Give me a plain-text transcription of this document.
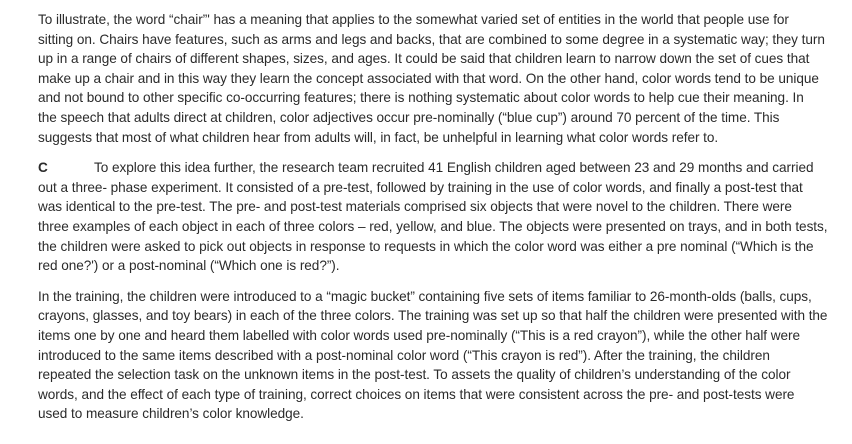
To illustrate, the word “chair”' has a meaning that applies to the somewhat varied set of entities in the world that people use for
sitting on. Chairs have features, such as arms and legs and backs, that are combined to some degree in a systematic way; they turn
up in a range of chairs of different shapes, sizes, and ages. It could be said that children learn to narrow down the set of cues that
make up a chair and in this way they learn the concept associated with that word. On the other hand, color words tend to be unique
and not bound to other specific co-occurring features; there is nothing systematic about color words to help cue their meaning. In
the speech that adults direct at children, color adjectives occur pre-nominally (“blue cup”) around 70 percent of the time. This
suggests that most of what children hear from adults will, in fact, be unhelpful in learning what color words refer to.
C	To explore this idea further, the research team recruited 41 English children aged between 23 and 29 months and carried
out a three- phase experiment. It consisted of a pre-test, followed by training in the use of color words, and finally a post-test that
was identical to the pre-test. The pre- and post-test materials comprised six objects that were novel to the children. There were
three examples of each object in each of three colors – red, yellow, and blue. The objects were presented on trays, and in both tests,
the children were asked to pick out objects in response to requests in which the color word was either a pre nominal (“Which is the
red one?') or a post-nominal (“Which one is red?”).
In the training, the children were introduced to a “magic bucket” containing five sets of items familiar to 26-month-olds (balls, cups,
crayons, glasses, and toy bears) in each of the three colors. The training was set up so that half the children were presented with the
items one by one and heard them labelled with color words used pre-nominally (“This is a red crayon”), while the other half were
introduced to the same items described with a post-nominal color word (“This crayon is red”). After the training, the children
repeated the selection task on the unknown items in the post-test. To assets the quality of children’s understanding of the color
words, and the effect of each type of training, correct choices on items that were consistent across the pre- and post-tests were
used to measure children’s color knowledge.
